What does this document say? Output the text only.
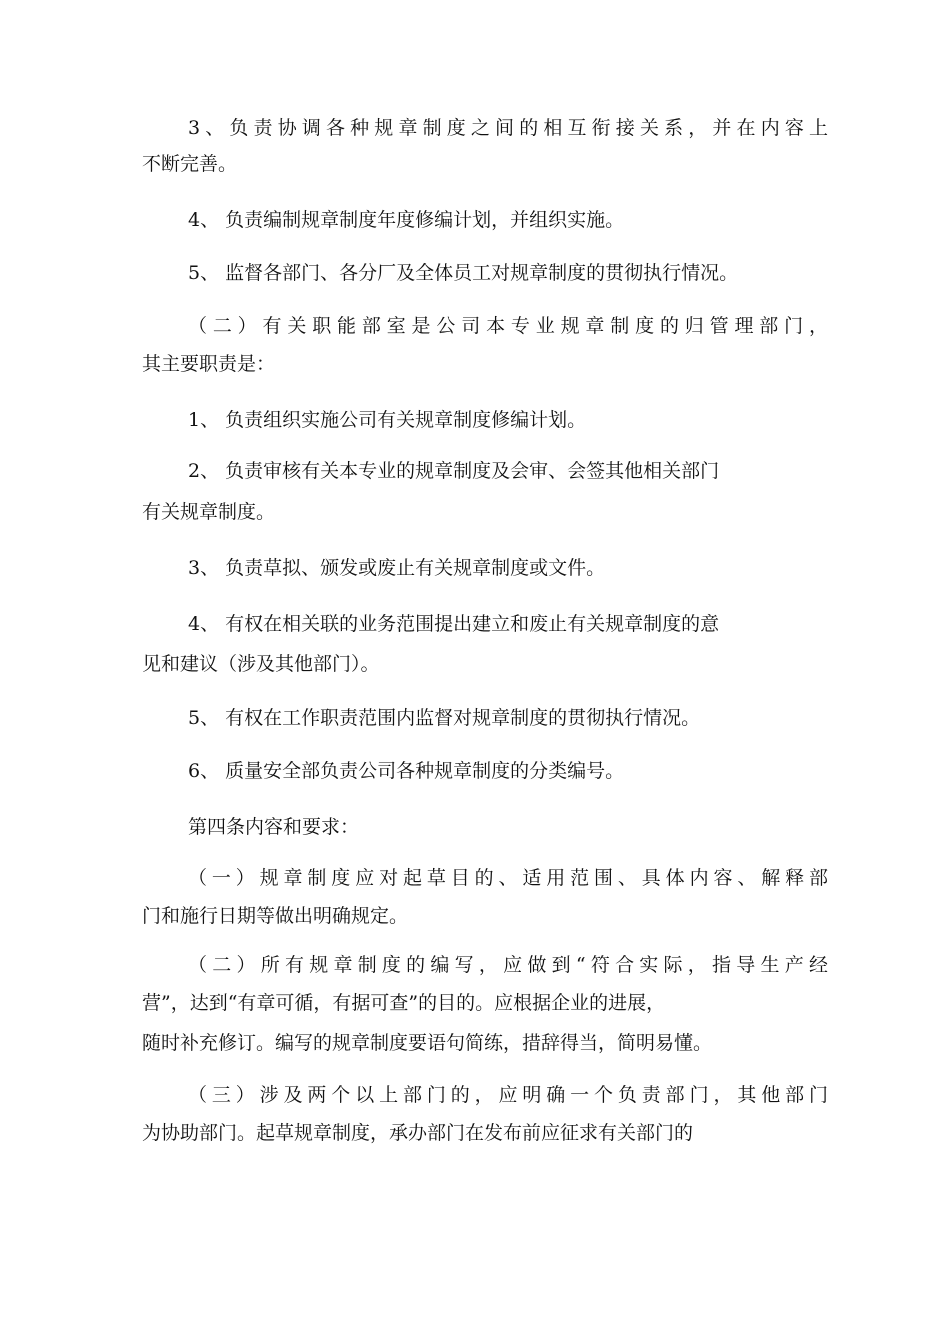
3、负责协调各种规章制度之间的相互衔接关系，并在内容上
不断完善。
4、 负责编制规章制度年度修编计划，并组织实施。
5、 监督各部门、各分厂及全体员工对规章制度的贯彻执行情况。
（二）有关职能部室是公司本专业规章制度的归管理部门，
其主要职责是：
1、 负责组织实施公司有关规章制度修编计划。
2、 负责审核有关本专业的规章制度及会审、会签其他相关部门
有关规章制度。
3、 负责草拟、颁发或废止有关规章制度或文件。
4、 有权在相关联的业务范围提出建立和废止有关规章制度的意
见和建议（涉及其他部门）。
5、 有权在工作职责范围内监督对规章制度的贯彻执行情况。
6、 质量安全部负责公司各种规章制度的分类编号。
第四条内容和要求：
（一）规章制度应对起草目的、适用范围、具体内容、解释部
门和施行日期等做出明确规定。
（二）所有规章制度的编写，应做到“符合实际，指导生产经
营”，达到“有章可循，有据可查”的目的。应根据企业的进展，
随时补充修订。编写的规章制度要语句简练，措辞得当，简明易懂。
（三）涉及两个以上部门的，应明确一个负责部门，其他部门
为协助部门。起草规章制度，承办部门在发布前应征求有关部门的
